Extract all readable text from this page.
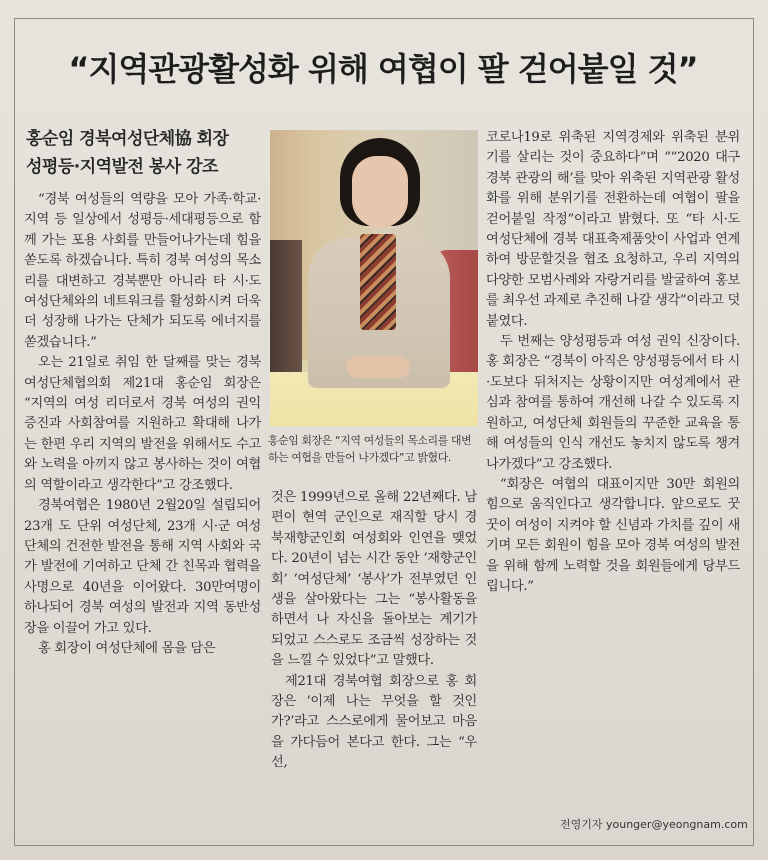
“지역관광활성화 위해 여협이 팔 걷어붙일 것”
홍순임 경북여성단체協 회장
성평등·지역발전 봉사 강조

“경북 여성들의 역량을 모아 가족·학교·지역 등 일상에서 성평등·세대평등으로 함께 가는 포용 사회를 만들어나가는데 힘을 쏟도록 하겠습니다. 특히 경북 여성의 목소리를 대변하고 경북뿐만 아니라 타 시·도 여성단체와의 네트워크를 활성화시켜 더욱더 성장해 나가는 단체가 되도록 에너지를 쏟겠습니다.”

오는 21일로 취임 한 달째를 맞는 경북여성단체협의회 제21대 홍순임 회장은 “지역의 여성 리더로서 경북 여성의 권익증진과 사회참여를 지원하고 확대해 나가는 한편 우리 지역의 발전을 위해서도 수고와 노력을 아끼지 않고 봉사하는 것이 여협의 역할이라고 생각한다”고 강조했다.

경북여협은 1980년 2월20일 설립되어 23개 도 단위 여성단체, 23개 시·군 여성단체의 건전한 발전을 통해 지역 사회와 국가 발전에 기여하고 단체 간 친목과 협력을 사명으로 40년을 이어왔다. 30만여명이 하나되어 경북 여성의 발전과 지역 동반성장을 이끌어 가고 있다.

홍 회장이 여성단체에 몸을 담은

홍순임 회장은 “지역 여성들의 목소리를 대변하는 여협을 만들어 나가겠다”고 밝혔다.

것은 1999년으로 올해 22년째다. 남편이 현역 군인으로 재직할 당시 경북재향군인회 여성회와 인연을 맺었다. 20년이 넘는 시간 동안 ‘재향군인회’ ‘여성단체’ ‘봉사’가 전부였던 인생을 살아왔다는 그는 “봉사활동을 하면서 나 자신을 돌아보는 계기가 되었고 스스로도 조금씩 성장하는 것을 느낄 수 있었다”고 말했다.

제21대 경북여협 회장으로 홍 회장은 ‘이제 나는 무엇을 할 것인가?’라고 스스로에게 물어보고 마음을 가다듬어 본다고 한다. 그는 “우선,

코로나19로 위축된 지역경제와 위축된 분위기를 살리는 것이 중요하다”며 ““2020 대구경북 관광의 해’를 맞아 위축된 지역관광 활성화를 위해 분위기를 전환하는데 여협이 팔을 걷어붙일 작정”이라고 밝혔다. 또 “타 시·도 여성단체에 경북 대표축제품앗이 사업과 연계하여 방문할것을 협조 요청하고, 우리 지역의 다양한 모범사례와 자랑거리를 발굴하여 홍보를 최우선 과제로 추진해 나갈 생각”이라고 덧붙였다.

두 번째는 양성평등과 여성 권익 신장이다. 홍 회장은 “경북이 아직은 양성평등에서 타 시·도보다 뒤처지는 상황이지만 여성계에서 관심과 참여를 통하여 개선해 나갈 수 있도록 지원하고, 여성단체 회원들의 꾸준한 교육을 통해 여성들의 인식 개선도 놓치지 않도록 챙겨 나가겠다”고 강조했다.

“회장은 여협의 대표이지만 30만 회원의 힘으로 움직인다고 생각합니다. 앞으로도 꿋꿋이 여성이 지켜야 할 신념과 가치를 깊이 새기며 모든 회원이 힘을 모아 경북 여성의 발전을 위해 함께 노력할 것을 회원들에게 당부드립니다.”

전영기자 younger@yeongnam.com
